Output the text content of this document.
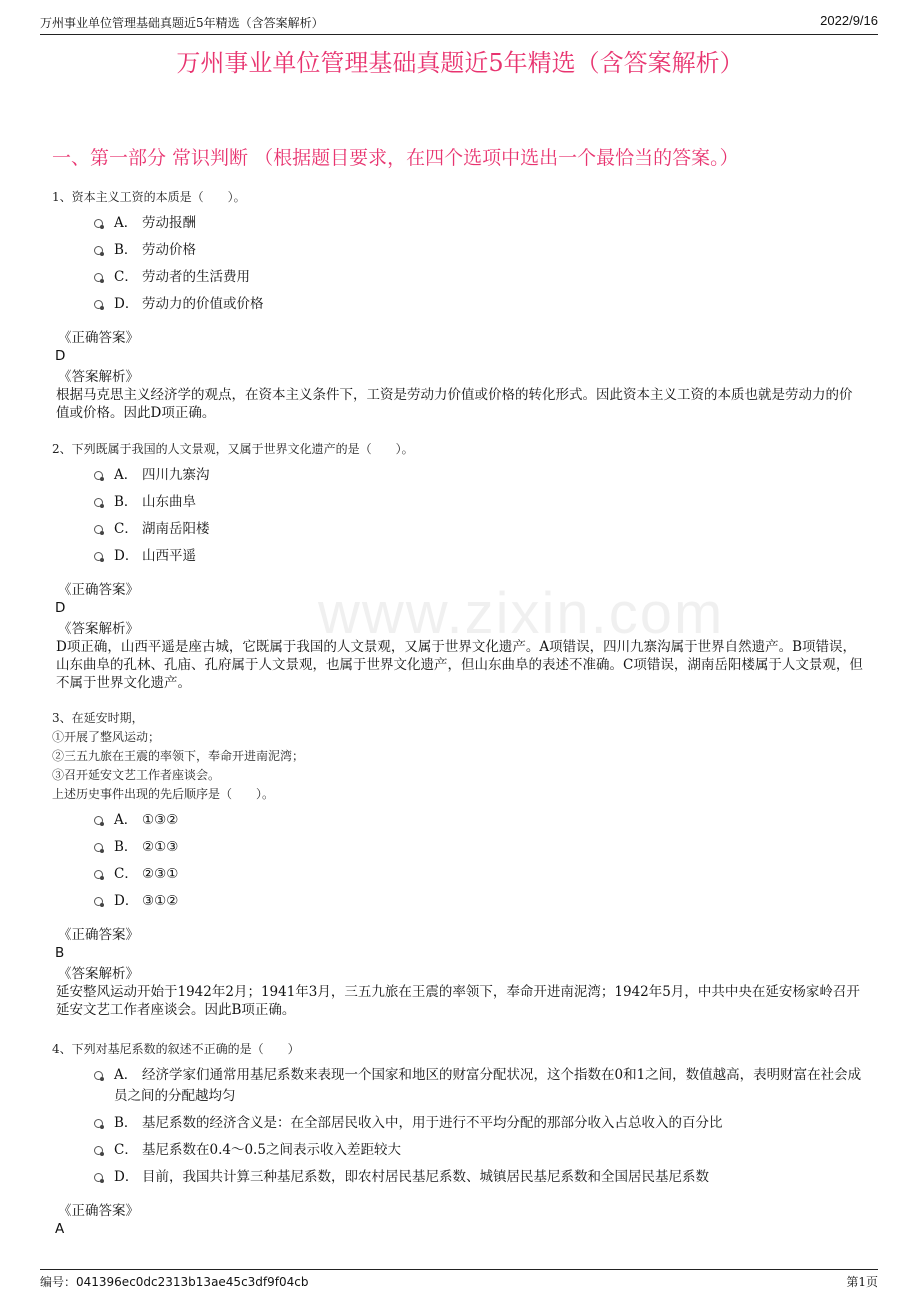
万州事业单位管理基础真题近5年精选（含答案解析）	2022/9/16
万州事业单位管理基础真题近5年精选（含答案解析）
一、第一部分 常识判断 （根据题目要求，在四个选项中选出一个最恰当的答案。）
www.zixin.com
1、资本主义工资的本质是（　　）。
A． 劳动报酬
B． 劳动价格
C． 劳动者的生活费用
D． 劳动力的价值或价格
《正确答案》
D
《答案解析》
根据马克思主义经济学的观点，在资本主义条件下，工资是劳动力价值或价格的转化形式。因此资本主义工资的本质也就是劳动力的价值或价格。因此D项正确。
2、下列既属于我国的人文景观，又属于世界文化遗产的是（　　）。
A． 四川九寨沟
B． 山东曲阜
C． 湖南岳阳楼
D． 山西平遥
《正确答案》
D
《答案解析》
D项正确，山西平遥是座古城，它既属于我国的人文景观，又属于世界文化遗产。A项错误，四川九寨沟属于世界自然遗产。B项错误，山东曲阜的孔林、孔庙、孔府属于人文景观，也属于世界文化遗产，但山东曲阜的表述不准确。C项错误，湖南岳阳楼属于人文景观，但不属于世界文化遗产。
3、在延安时期，
①开展了整风运动；
②三五九旅在王震的率领下，奉命开进南泥湾；
③召开延安文艺工作者座谈会。
上述历史事件出现的先后顺序是（　　）。
A． ①③②
B． ②①③
C． ②③①
D． ③①②
《正确答案》
B
《答案解析》
延安整风运动开始于1942年2月；1941年3月，三五九旅在王震的率领下，奉命开进南泥湾；1942年5月，中共中央在延安杨家岭召开延安文艺工作者座谈会。因此B项正确。
4、下列对基尼系数的叙述不正确的是（　　）
A． 经济学家们通常用基尼系数来表现一个国家和地区的财富分配状况，这个指数在0和1之间，数值越高，表明财富在社会成员之间的分配越均匀
B． 基尼系数的经济含义是：在全部居民收入中，用于进行不平均分配的那部分收入占总收入的百分比
C． 基尼系数在0.4～0.5之间表示收入差距较大
D． 目前，我国共计算三种基尼系数，即农村居民基尼系数、城镇居民基尼系数和全国居民基尼系数
《正确答案》
A
编号：041396ec0dc2313b13ae45c3df9f04cb	第1页
